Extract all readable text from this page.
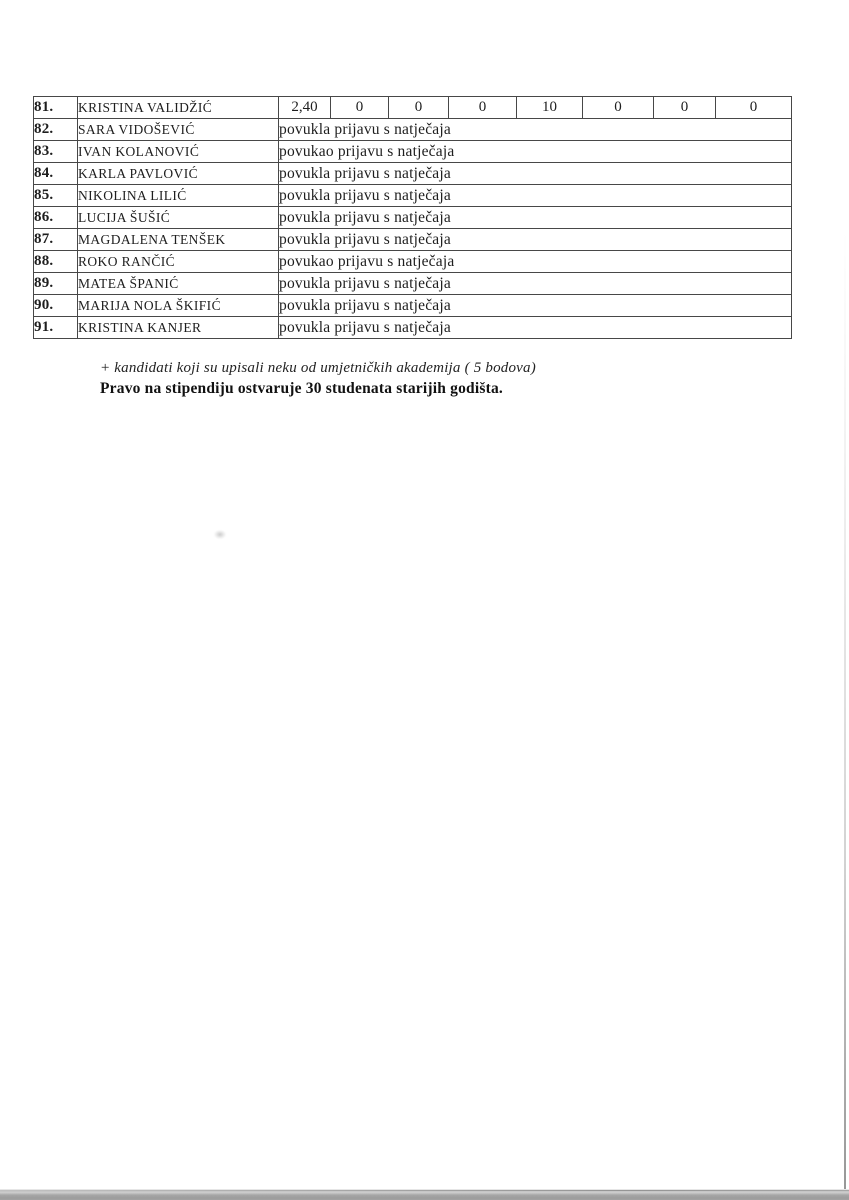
81.	KRISTINA VALIDŽIĆ	2,40	0	0	0	10	0	0	0
82.	SARA VIDOŠEVIĆ	povukla prijavu s natječaja							
83.	IVAN KOLANOVIĆ	povukao prijavu s natječaja							
84.	KARLA PAVLOVIĆ	povukla prijavu s natječaja							
85.	NIKOLINA LILIĆ	povukla prijavu s natječaja							
86.	LUCIJA ŠUŠIĆ	povukla prijavu s natječaja							
87.	MAGDALENA TENŠEK	povukla prijavu s natječaja							
88.	ROKO RANČIĆ	povukao prijavu s natječaja							
89.	MATEA ŠPANIĆ	povukla prijavu s natječaja							
90.	MARIJA NOLA ŠKIFIĆ	povukla prijavu s natječaja							
91.	KRISTINA KANJER	povukla prijavu s natječaja							
+ kandidati koji su upisali neku od umjetničkih akademija ( 5 bodova)
Pravo na stipendiju ostvaruje 30 studenata starijih godišta.
